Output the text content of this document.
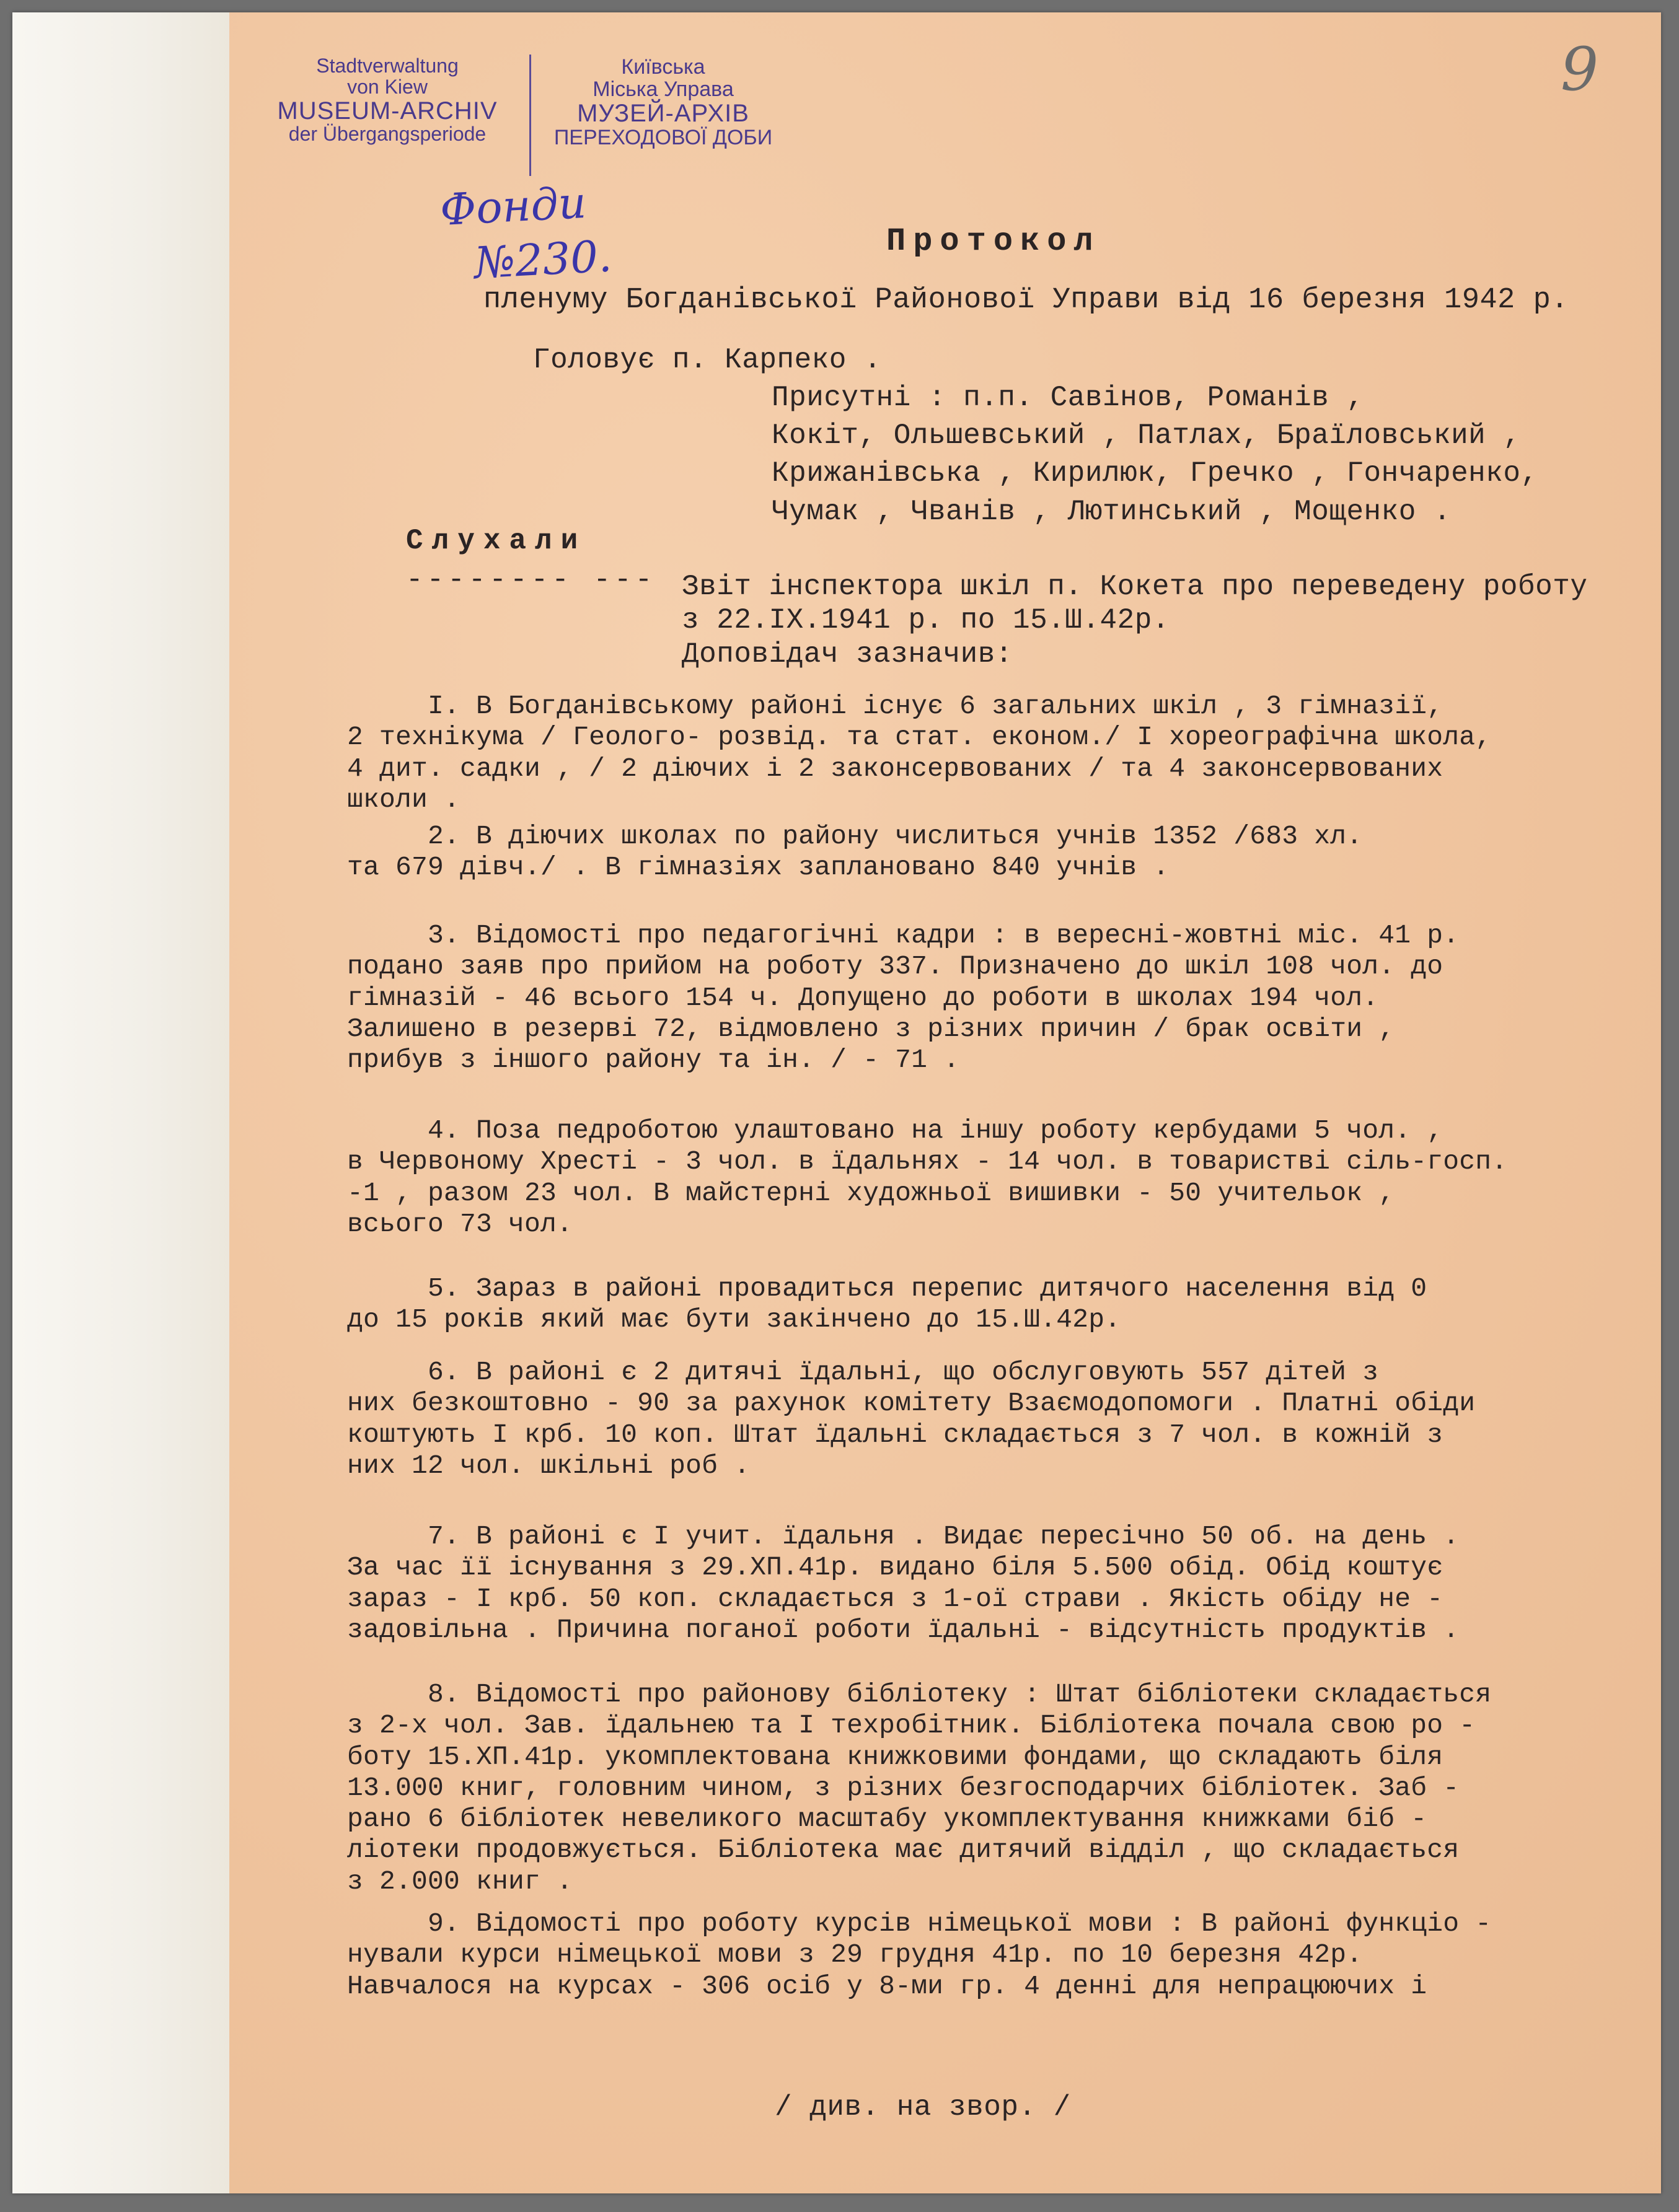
Stadtverwaltung
von Kiew
MUSEUM-ARCHIV
der Übergangsperiode
Київська
Міська Управа
МУЗЕЙ-АРХІВ
ПЕРЕХОДОВОЇ ДОБИ
Фонди
№230.
9
Протокол
пленуму Богданівської Районової Управи від 16 березня 1942 р.
Головує п. Карпеко .
Присутні : п.п. Савінов, Романів ,
Кокіт, Ольшевський , Патлах, Браїловський ,
Крижанівська , Кирилюк, Гречко , Гончаренко,
Чумак , Чванів , Лютинський , Мощенко .
Слухали
-------- --- Звіт інспектора шкіл п. Кокета про переведену роботу
з 22.IX.1941 р. по 15.Ш.42р.
Доповідач зазначив:
I. В Богданівському районі існує 6 загальних шкіл , 3 гімназії,
2 технікума / Геолого- розвід. та стат. економ./ I хореографічна школа,
4 дит. садки , / 2 діючих і 2 законсервованих / та 4 законсервованих
школи .
2. В діючих школах по району числиться учнів 1352 /683 хл.
та 679 дівч./ . В гімназіях заплановано 840 учнів .
3. Відомості про педагогічні кадри : в вересні-жовтні міс. 41 р.
подано заяв про прийом на роботу 337. Призначено до шкіл 108 чол. до
гімназій - 46 всього 154 ч. Допущено до роботи в школах 194 чол.
Залишено в резерві 72, відмовлено з різних причин / брак освіти ,
прибув з іншого району та ін. / - 71 .
4. Поза педроботою улаштовано на іншу роботу кербудами 5 чол. ,
в Червоному Хресті - 3 чол. в їдальнях - 14 чол. в товаристві сіль-госп.
-1 , разом 23 чол. В майстерні художньої вишивки - 50 учительок ,
всього 73 чол.
5. Зараз в районі провадиться перепис дитячого населення від 0
до 15 років який має бути закінчено до 15.Ш.42р.
6. В районі є 2 дитячі їдальні, що обслуговують 557 дітей з
них безкоштовно - 90 за рахунок комітету Взаємодопомоги . Платні обіди
коштують I крб. 10 коп. Штат їдальні складається з 7 чол. в кожній з
них 12 чол. шкільні роб .
7. В районі є I учит. їдальня . Видає пересічно 50 об. на день .
За час її існування з 29.XП.41р. видано біля 5.500 обід. Обід коштує
зараз - I крб. 50 коп. складається з 1-ої страви . Якість обіду не -
задовільна . Причина поганої роботи їдальні - відсутність продуктів .
8. Відомості про районову бібліотеку : Штат бібліотеки складається
з 2-х чол. Зав. їдальнею та I техробітник. Бібліотека почала свою ро -
боту 15.XП.41р. укомплектована книжковими фондами, що складають біля
13.000 книг, головним чином, з різних безгосподарчих бібліотек. Заб -
рано 6 бібліотек невеликого масштабу укомплектування книжками біб -
ліотеки продовжується. Бібліотека має дитячий відділ , що складається
з 2.000 книг .
9. Відомості про роботу курсів німецької мови : В районі функціо -
нували курси німецької мови з 29 грудня 41р. по 10 березня 42р.
Навчалося на курсах - 306 осіб у 8-ми гр. 4 денні для непрацюючих і
/ див. на звор. /
